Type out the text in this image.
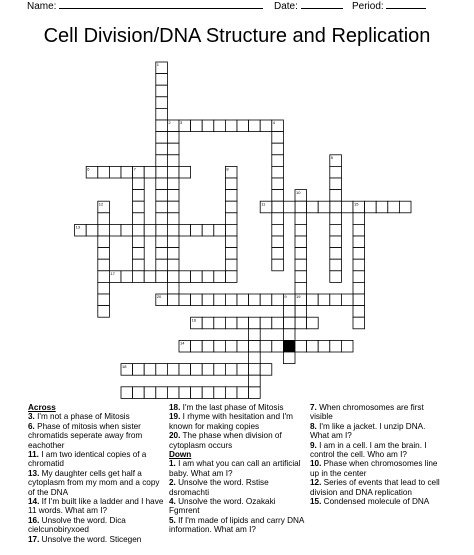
Name:	Date:	Period:
Cell Division/DNA Structure and Replication
1
2 3	4
5
6	7	8
9
10
11
12
13
14
15
16
17
18
19
20
Across
3. I'm not a phase of Mitosis
6. Phase of mitosis when sister chromatids seperate away from eachother
11. I am two identical copies of a chromatid
13. My daughter cells get half a cytoplasm from my mom and a copy of the DNA
14. If I'm built like a ladder and I have 11 words. What am I?
16. Unsolve the word. Dica cielcunobiryxoed
17. Unsolve the word. Sticegen
18. I'm the last phase of Mitosis
19. I rhyme with hesitation and I'm known for making copies
20. The phase when division of cytoplasm occurs
Down
1. I am what you can call an artificial baby. What am I?
2. Unsolve the word. Rstise dsromachti
4. Unsolve the word. Ozakaki Fgmrent
5. If I'm made of lipids and carry DNA information. What am I?
7. When chromosomes are first visible
8. I'm like a jacket. I unzip DNA. What am I?
9. I am in a cell. I am the brain. I control the cell. Who am I?
10. Phase when chromosomes line up in the center
12. Series of events that lead to cell division and DNA replication
15. Condensed molecule of DNA
